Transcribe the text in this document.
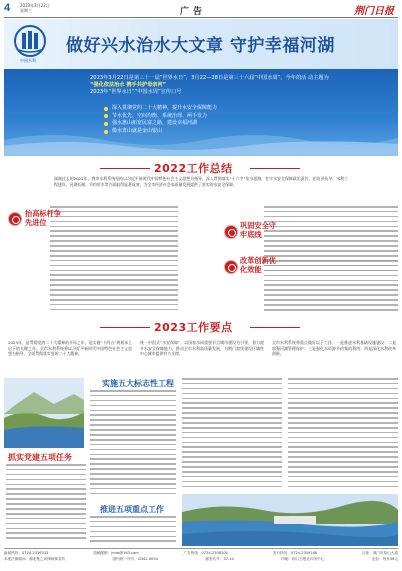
4 2023年3月22日
星期三	广告	荆门日报
中国水利
做好兴水治水大文章 守护幸福河湖
2023年3月22日是第三十一届“世界水日”，3月22—28日是第三十六届“中国水周”。今年的活 动主题为 “强化依法治水 携手共护母亲河”
2023年“世界水日”“中国水周”宣传口号
深入贯彻党的二十大精神，提升水安全保障能力
节水优先、空间均衡、系统治理、两手发力
强水惠山拓宽民富之路，建设幸福河湖
像水青山就是金山银山
2022工作总结
刚刚过去的2022年，我市水利系统坚持以习近平新时代中国特色社会主义思想为指导，深入贯彻落实“十六字”治水思路，扛牢水安全保障政治责任，在防汛抗旱、水利工程建设、河湖长制、节约用水等方面取得显著成效，为全市经济社会高质量发展提供了坚实的水安全保障。
抬高标杆争先进位	巩固安全守牢底线
改革创新优化效能
2023工作要点
2023年，是贯彻党的二十大精神的开局之年，是实施“十四五”规划承上启下的关键之年。全市水利系统将以习近平新时代中国特色社会主义思想为指导，全面贯彻落实党的二十大精神。
统一中国式“水安保障”，以国家水网重要节点城市建设为引领，着力提升水安全保障能力，推动全市水利高质量发展，为荆门加快建设区域性中心城市提供有力支撑。
全市水利系统将重点做好以下工作：一是推进水利基础设施建设；二是加强河湖管理保护；三是强化水资源节约集约利用；四是深化水利改革创新。
抓实党建五项任务
实施五大标志性工程
推进五项重点工作
新闻热线：0724-2336333	投稿邮箱：jmrb@163.com	广告热线：0724-2308200	发行热线：0724-2359168	社址：荆门市象山大道
本报法律顾问：湖北楚之风律师事务所	国内统一刊号：CN42-0054	邮发代号：37-14	印刷：荆门日报社印务中心	定价：每月36元
